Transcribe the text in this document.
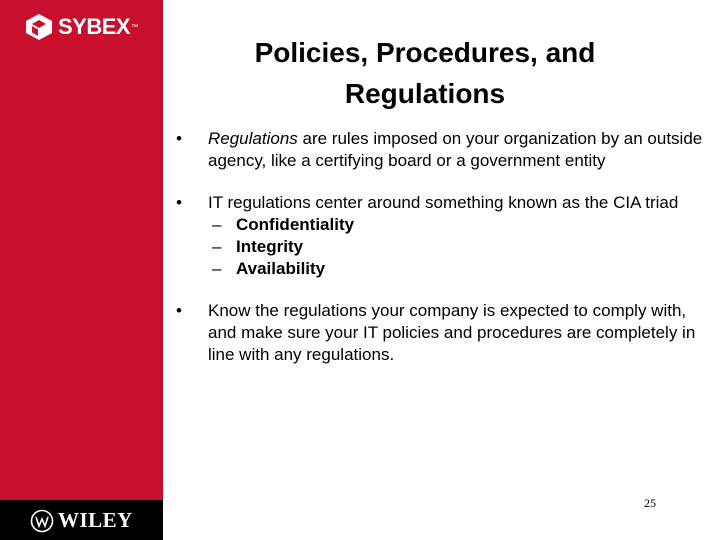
SYBEX ™
WILEY
Policies, Procedures, and Regulations
• Regulations are rules imposed on your organization by an outside agency, like a certifying board or a government entity
• IT regulations center around something known as the CIA triad
– Confidentiality
– Integrity
– Availability
• Know the regulations your company is expected to comply with, and make sure your IT policies and procedures are completely in line with any regulations.
25
